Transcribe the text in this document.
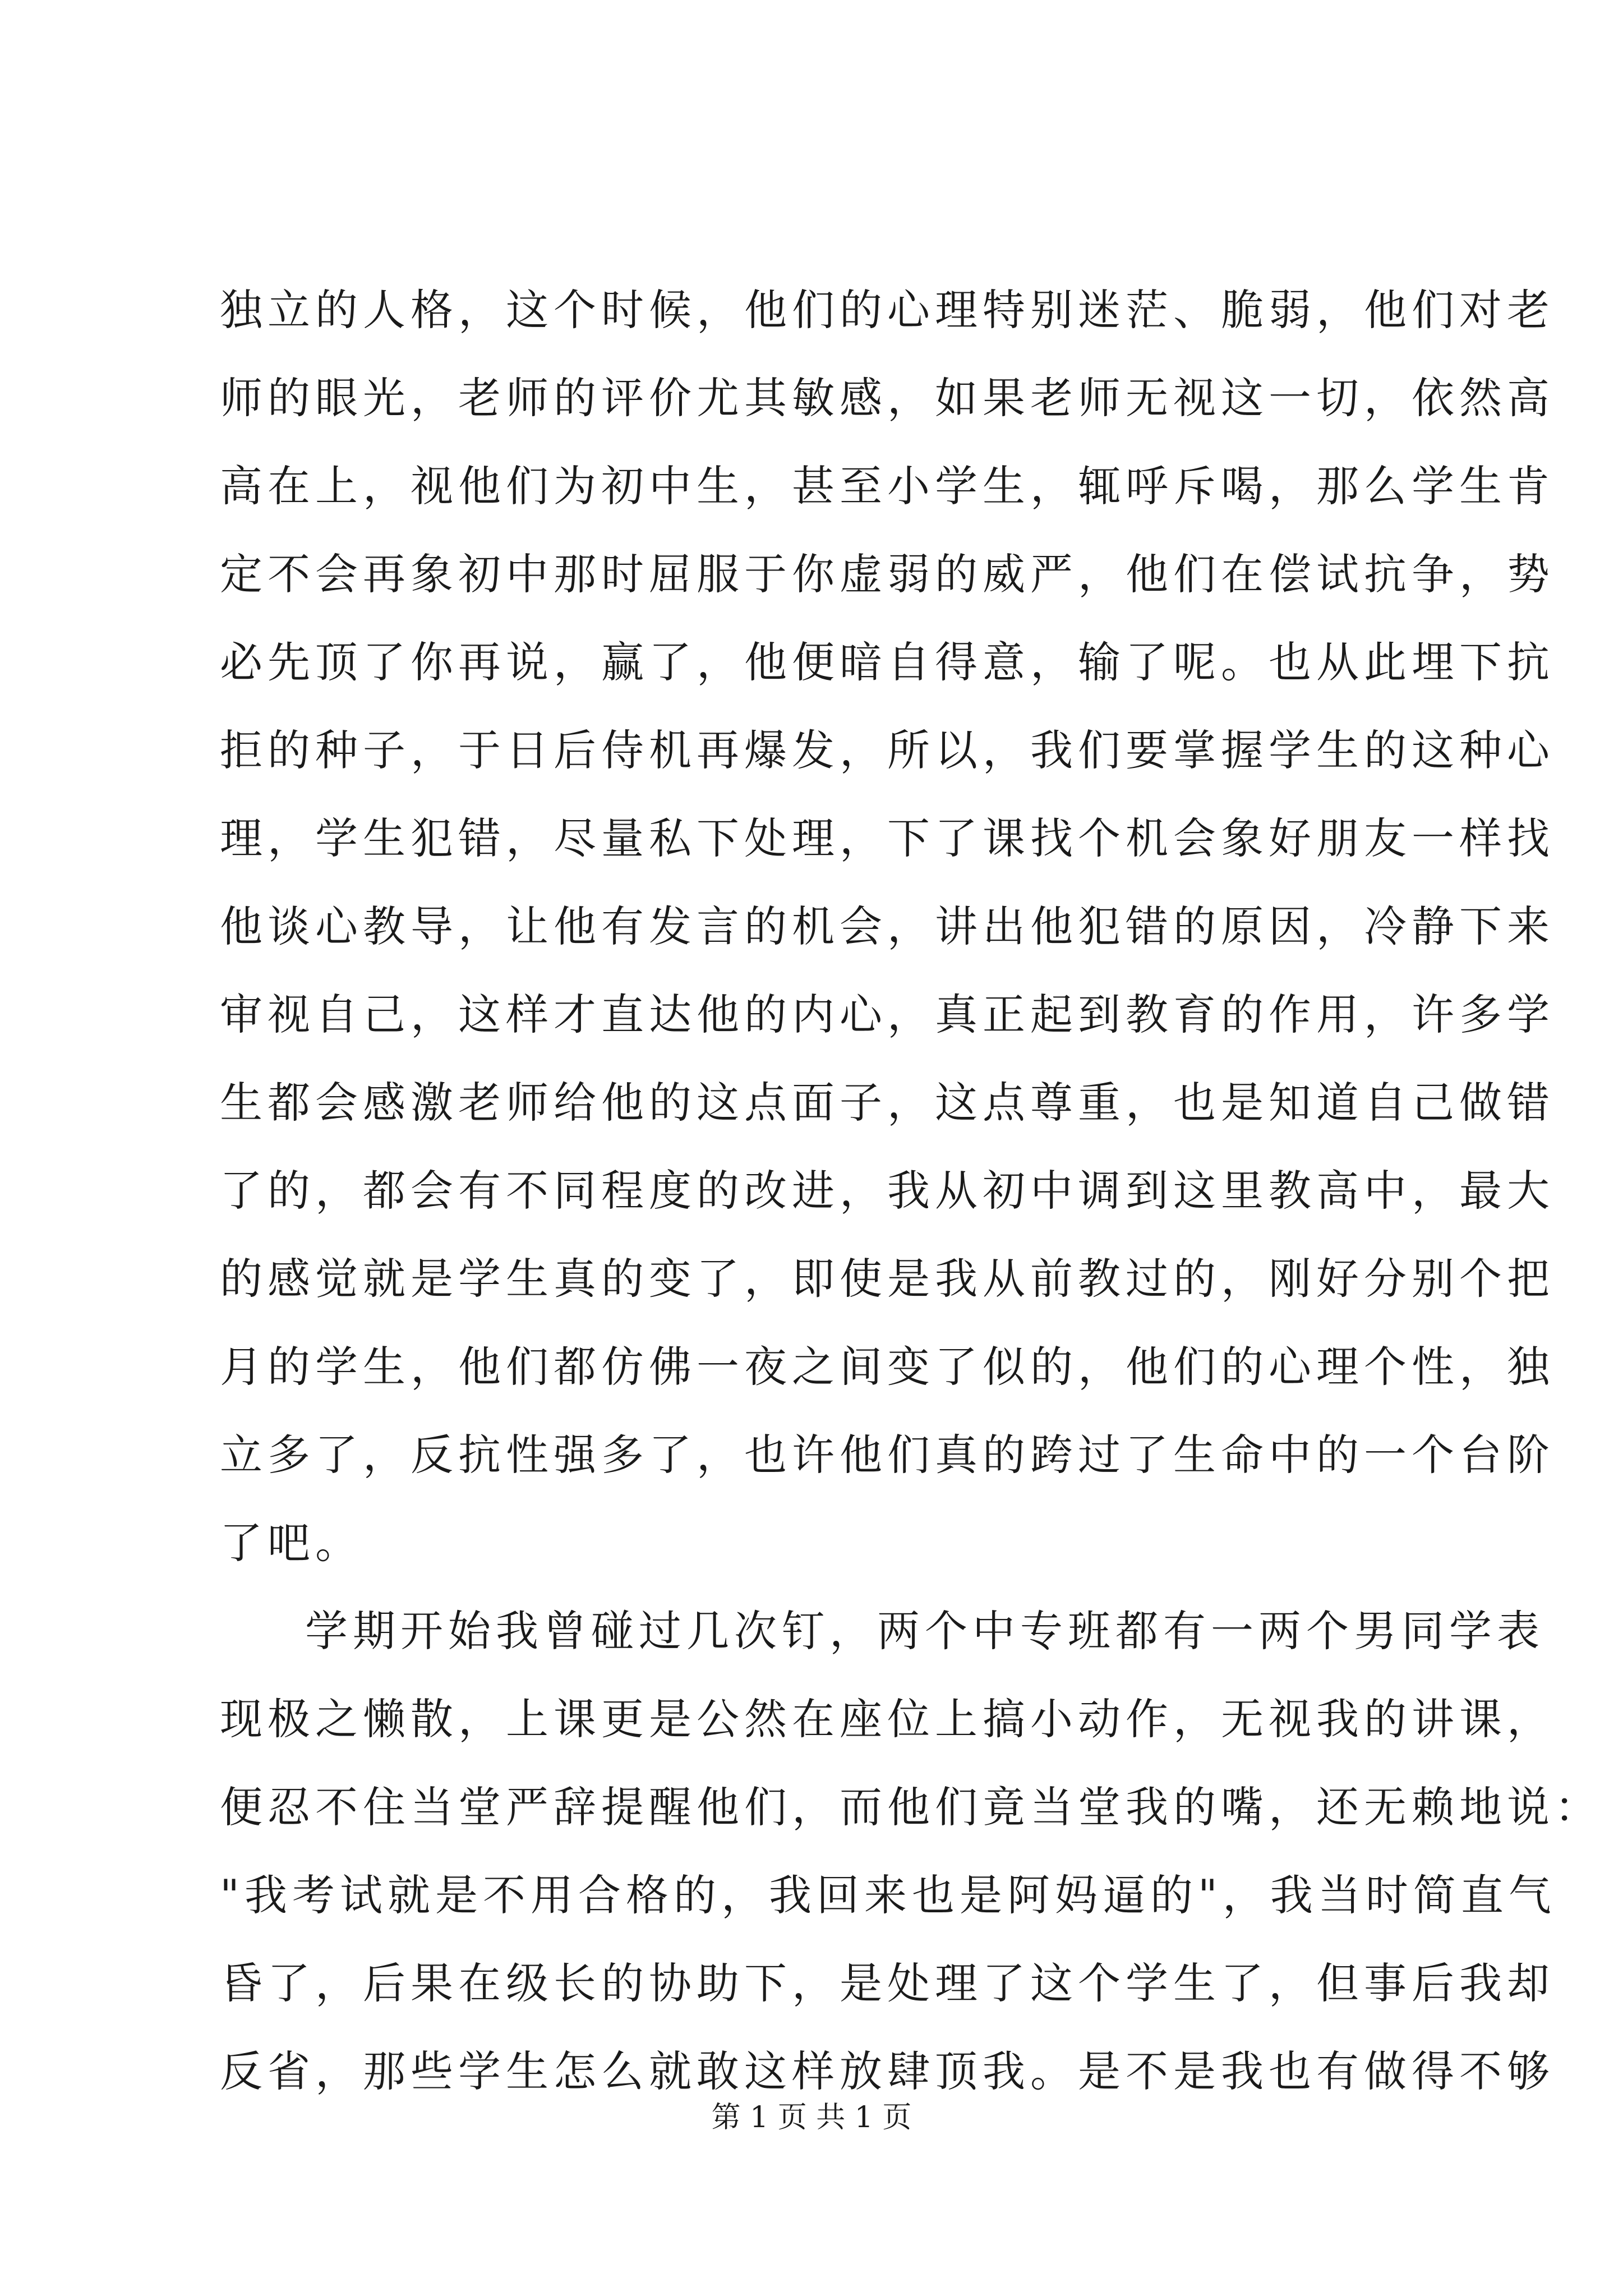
独立的人格，这个时候，他们的心理特别迷茫、脆弱，他们对老
师的眼光，老师的评价尤其敏感，如果老师无视这一切，依然高
高在上，视他们为初中生，甚至小学生，辄呼斥喝，那么学生肯
定不会再象初中那时屈服于你虚弱的威严，他们在偿试抗争，势
必先顶了你再说，赢了，他便暗自得意，输了呢。也从此埋下抗
拒的种子，于日后侍机再爆发，所以，我们要掌握学生的这种心
理，学生犯错，尽量私下处理，下了课找个机会象好朋友一样找
他谈心教导，让他有发言的机会，讲出他犯错的原因，冷静下来
审视自己，这样才直达他的内心，真正起到教育的作用，许多学
生都会感激老师给他的这点面子，这点尊重，也是知道自己做错
了的，都会有不同程度的改进，我从初中调到这里教高中，最大
的感觉就是学生真的变了，即使是我从前教过的，刚好分别个把
月的学生，他们都仿佛一夜之间变了似的，他们的心理个性，独
立多了，反抗性强多了，也许他们真的跨过了生命中的一个台阶
了吧。
学期开始我曾碰过几次钉，两个中专班都有一两个男同学表
现极之懒散，上课更是公然在座位上搞小动作，无视我的讲课，
便忍不住当堂严辞提醒他们，而他们竟当堂我的嘴，还无赖地说：
"我考试就是不用合格的，我回来也是阿妈逼的"，我当时简直气
昏了，后果在级长的协助下，是处理了这个学生了，但事后我却
反省，那些学生怎么就敢这样放肆顶我。是不是我也有做得不够
第 1 页 共 1 页
